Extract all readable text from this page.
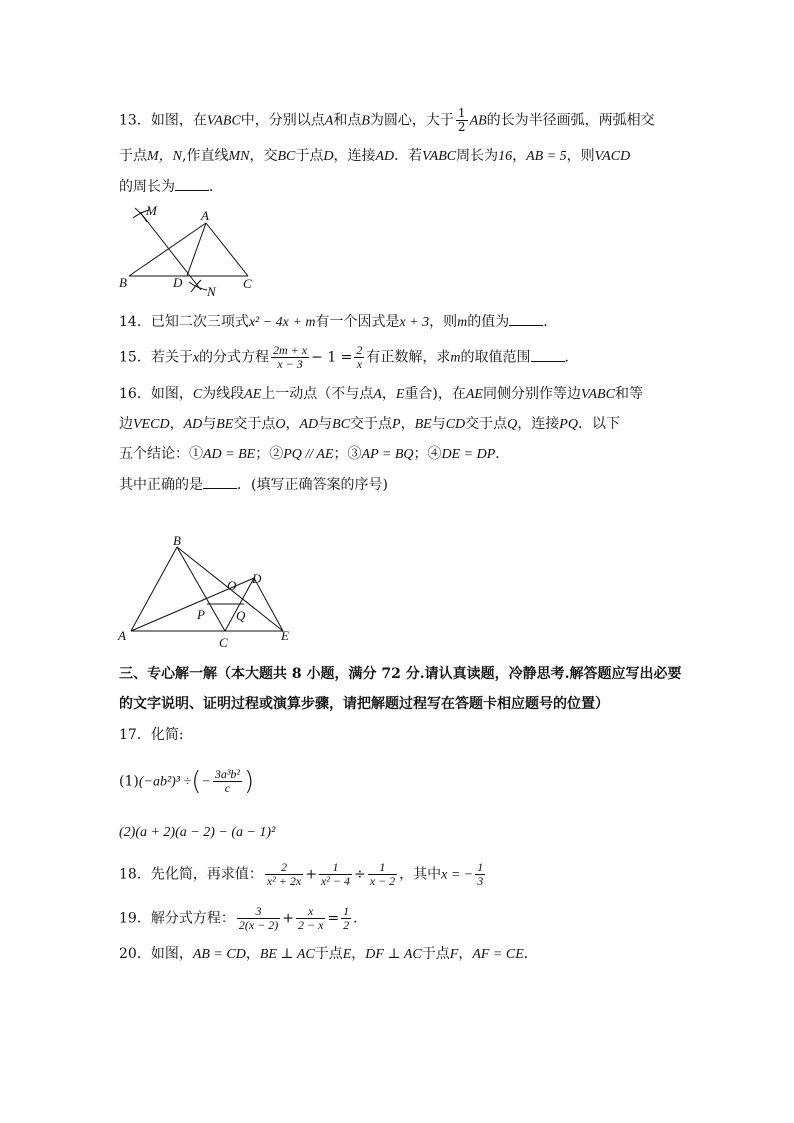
13．如图，在VABC中，分别以点A和点B为圆心，大于 $\frac{1}{2}$ AB的长为半径画弧，两弧相交
于点M，N,作直线MN，交BC于点D，连接AD．若VABC周长为16，AB = 5，则VACD
的周长为 ．
M	A
B	D
N
C
14．已知二次三项式x² − 4x + m有一个因式是x + 3，则m的值为 .
15．若关于x的分式方程 $\frac{2m + x}{x - 3} - 1 = \frac{2}{x}$ 有正数解，求m的取值范围 ．
16．如图，C为线段AE上一动点（不与点A，E重合)，在AE同侧分别作等边VABC和等
边VECD，AD与BE交于点O，AD与BC交于点P，BE与CD交于点Q，连接PQ．以下
五个结论：①AD = BE；②PQ // AE；③AP = BQ；④DE = DP．
其中正确的是 ．(填写正确答案的序号)
B
O D
P Q
A	C	E
三、专心解一解（本大题共 8 小题，满分 72 分.请认真读题，冷静思考.解答题应写出必要
的文字说明、证明过程或演算步骤，请把解题过程写在答题卡相应题号的位置）
17．化简:
(1)(−ab²)³ ÷(− $\frac{\text{3a³b²}}{c}$ )
(2)(a + 2)(a − 2) − (a − 1)²
18．先化简，再求值： $\frac{2}{\text{x² + 2x}} + \frac{1}{\text{x² − 4}} \div \frac{1}{x - 2}$ ，其中x = − $\frac{1}{3}$
19．解分式方程： $\frac{3}{2(x - 2)} + \frac{x}{2 - x} = \frac{1}{2}$ ．
20．如图，AB = CD，BE ⊥ AC于点E，DF ⊥ AC于点F，AF = CE．
